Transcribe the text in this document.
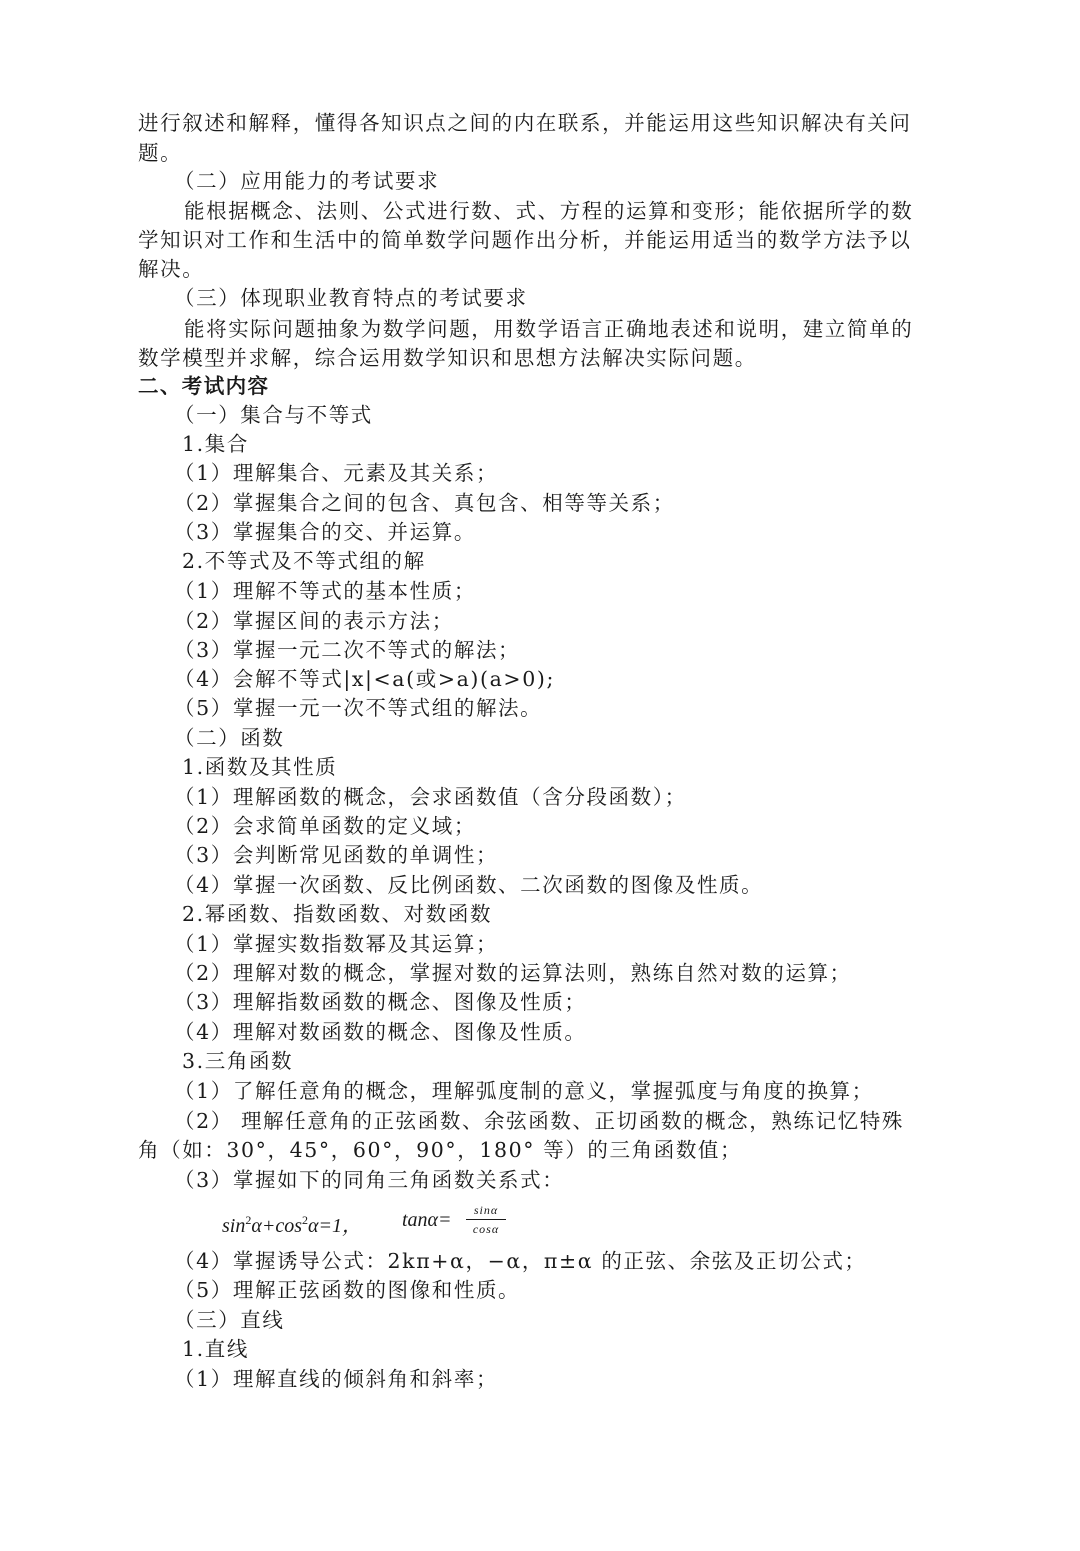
进行叙述和解释，懂得各知识点之间的内在联系，并能运用这些知识解决有关问
题。
（二）应用能力的考试要求
能根据概念、法则、公式进行数、式、方程的运算和变形；能依据所学的数
学知识对工作和生活中的简单数学问题作出分析，并能运用适当的数学方法予以
解决。
（三）体现职业教育特点的考试要求
能将实际问题抽象为数学问题，用数学语言正确地表述和说明，建立简单的
数学模型并求解，综合运用数学知识和思想方法解决实际问题。
二、考试内容
（一）集合与不等式
1.集合
（1）理解集合、元素及其关系；
（2）掌握集合之间的包含、真包含、相等等关系；
（3）掌握集合的交、并运算。
2.不等式及不等式组的解
（1）理解不等式的基本性质；
（2）掌握区间的表示方法；
（3）掌握一元二次不等式的解法；
（4）会解不等式|x|<a(或>a)(a>0);
（5）掌握一元一次不等式组的解法。
（二）函数
1.函数及其性质
（1）理解函数的概念，会求函数值（含分段函数）；
（2）会求简单函数的定义域；
（3）会判断常见函数的单调性；
（4）掌握一次函数、反比例函数、二次函数的图像及性质。
2.幂函数、指数函数、对数函数
（1）掌握实数指数幂及其运算；
（2）理解对数的概念，掌握对数的运算法则，熟练自然对数的运算；
（3）理解指数函数的概念、图像及性质；
（4）理解对数函数的概念、图像及性质。
3.三角函数
（1）了解任意角的概念，理解弧度制的意义，掌握弧度与角度的换算；
（2） 理解任意角的正弦函数、余弦函数、正切函数的概念，熟练记忆特殊
角（如：30°，45°，60°，90°，180° 等）的三角函数值；
（3）掌握如下的同角三角函数关系式：
$\sin^2\alpha+\cos^2\alpha=1$， $\tan\alpha= \frac{\sin\alpha}{\cos\alpha}$
（4）掌握诱导公式：2kπ+α，−α，π±α 的正弦、余弦及正切公式；
（5）理解正弦函数的图像和性质。
（三）直线
1.直线
（1）理解直线的倾斜角和斜率；
